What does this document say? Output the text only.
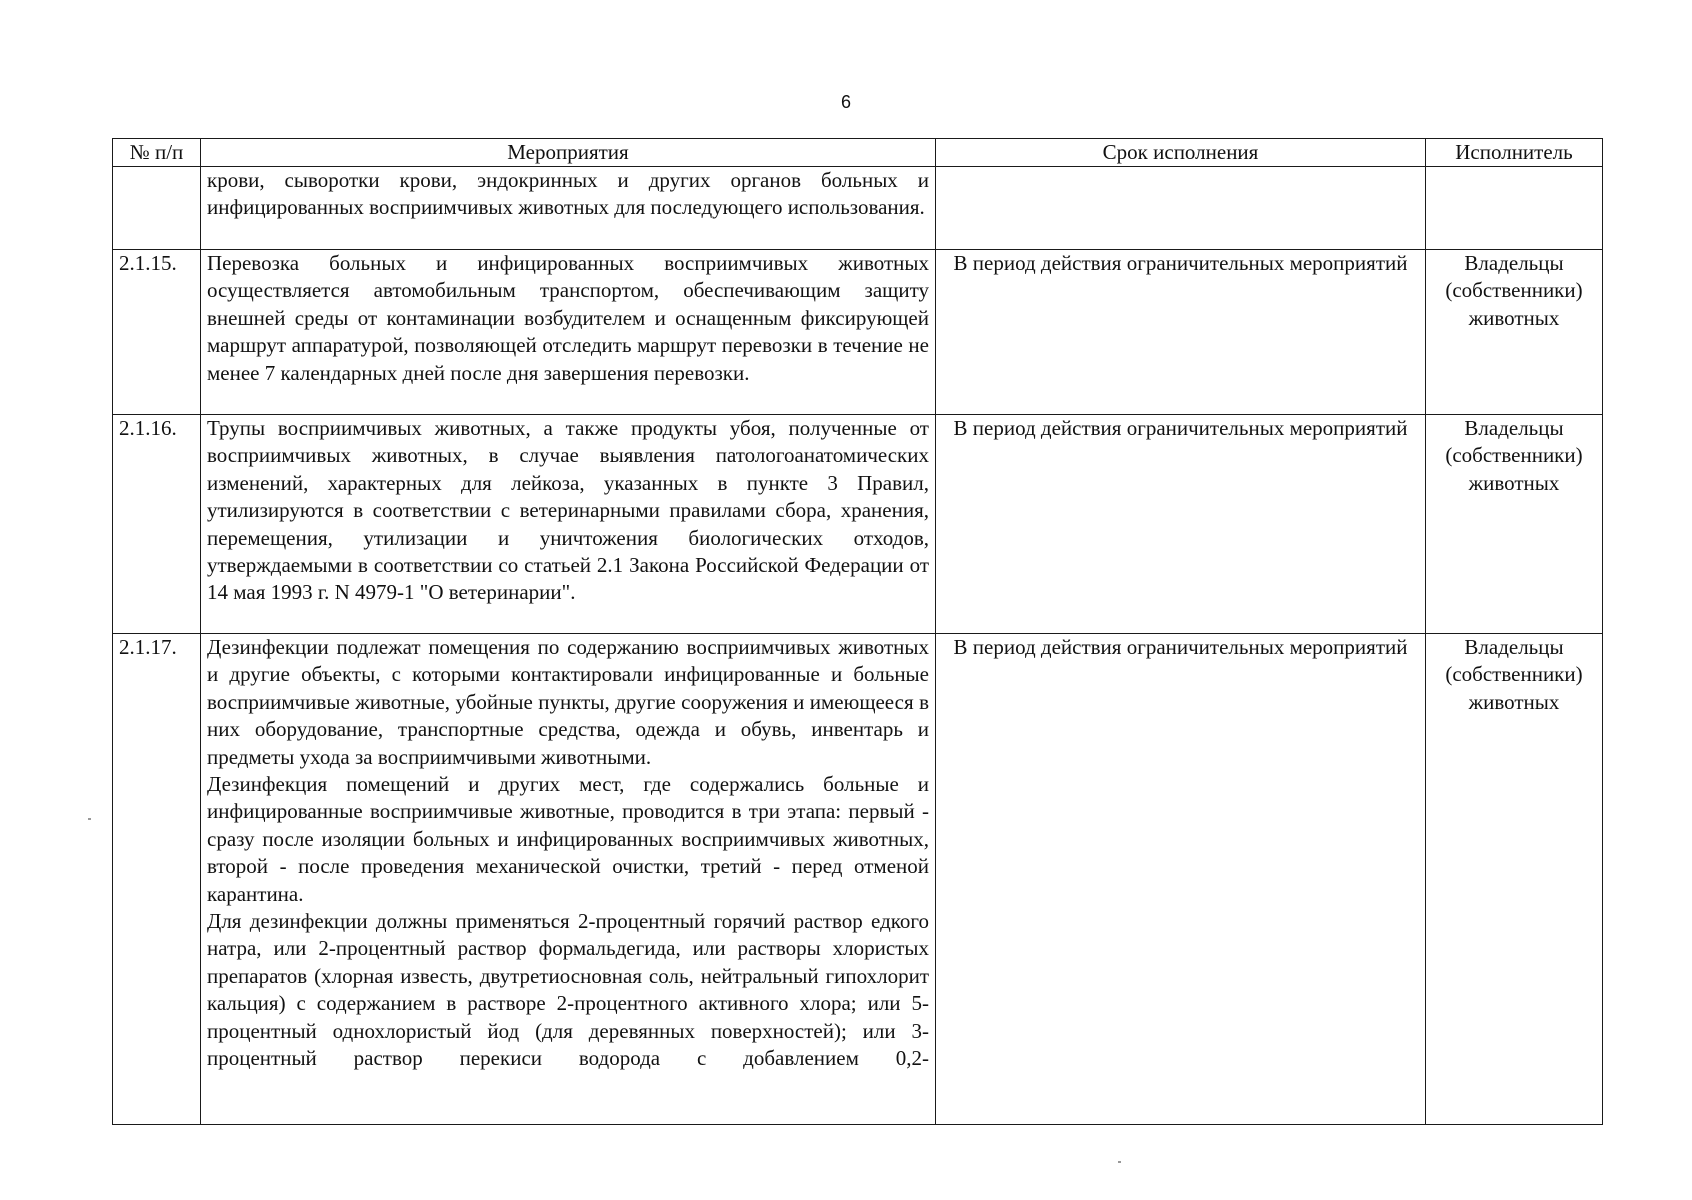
6
№ п/п	Мероприятия	Срок исполнения	Исполнитель

	крови, сыворотки крови, эндокринных и других органов больных и инфицированных восприимчивых животных для последующего использования.		

2.1.15.	Перевозка больных и инфицированных восприимчивых животных осуществляется автомобильным транспортом, обеспечивающим защиту внешней среды от контаминации возбудителем и оснащенным фиксирующей маршрут аппаратурой, позволяющей отследить маршрут перевозки в течение не менее 7 календарных дней после дня завершения перевозки.	В период действия ограничительных мероприятий	Владельцы (собственники) животных
2.1.16.	Трупы восприимчивых животных, а также продукты убоя, полученные от восприимчивых животных, в случае выявления патологоанатомических изменений, характерных для лейкоза, указанных в пункте 3 Правил, утилизируются в соответствии с ветеринарными правилами сбора, хранения, перемещения, утилизации и уничтожения биологических отходов, утверждаемыми в соответствии со статьей 2.1 Закона Российской Федерации от 14 мая 1993 г. N 4979-1 "О ветеринарии".	В период действия ограничительных мероприятий	Владельцы (собственники) животных
2.1.17.	Дезинфекции подлежат помещения по содержанию восприимчивых животных и другие объекты, с которыми контактировали инфицированные и больные восприимчивые животные, убойные пункты, другие сооружения и имеющееся в них оборудование, транспортные средства, одежда и обувь, инвентарь и предметы ухода за восприимчивыми животными.
Дезинфекция помещений и других мест, где содержались больные и инфицированные восприимчивые животные, проводится в три этапа: первый - сразу после изоляции больных и инфицированных восприимчивых животных, второй - после проведения механической очистки, третий - перед отменой карантина.
Для дезинфекции должны применяться 2-процентный горячий раствор едкого натра, или 2-процентный раствор формальдегида, или растворы хлористых препаратов (хлорная известь, двутретиосновная соль, нейтральный гипохлорит кальция) с содержанием в растворе 2-процентного активного хлора; или 5-процентный однохлористый йод (для деревянных поверхностей); или 3-процентный раствор перекиси водорода с добавлением 0,2-	В период действия ограничительных мероприятий	Владельцы (собственники) животных
